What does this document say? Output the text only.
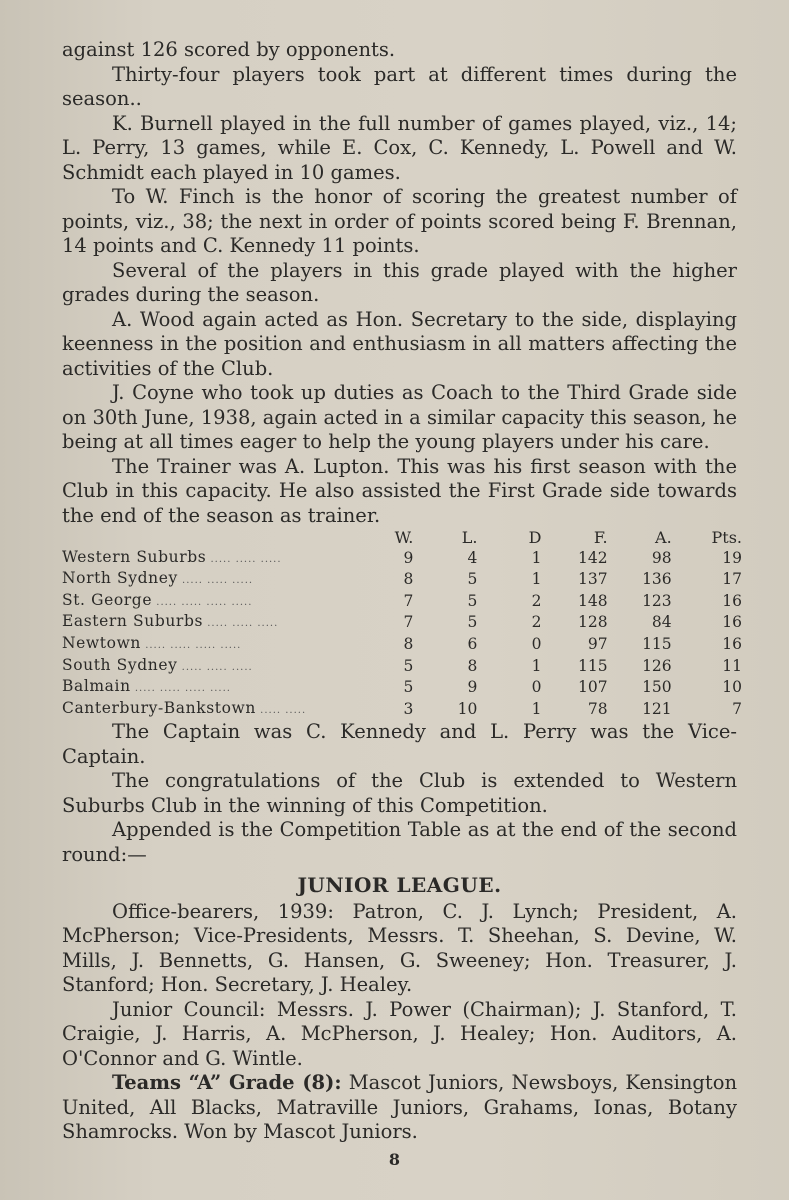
against 126 scored by opponents.

Thirty-four players took part at different times during the season..

K. Burnell played in the full number of games played, viz., 14; L. Perry, 13 games, while E. Cox, C. Kennedy, L. Powell and W. Schmidt each played in 10 games.

To W. Finch is the honor of scoring the greatest number of points, viz., 38; the next in order of points scored being F. Brennan, 14 points and C. Kennedy 11 points.

Several of the players in this grade played with the higher grades during the season.

A. Wood again acted as Hon. Secretary to the side, displaying keenness in the position and enthusiasm in all matters affecting the activities of the Club.

J. Coyne who took up duties as Coach to the Third Grade side on 30th June, 1938, again acted in a similar capacity this season, he being at all times eager to help the young players under his care.

The Trainer was A. Lupton. This was his first season with the Club in this capacity. He also assisted the First Grade side towards the end of the season as trainer.

	W.	L.	D	F.	A.	Pts.
Western Suburbs ..... ..... .....	9	4	1	142	98	19
North Sydney ..... ..... .....	8	5	1	137	136	17
St. George ..... ..... ..... .....	7	5	2	148	123	16
Eastern Suburbs ..... ..... .....	7	5	2	128	84	16
Newtown ..... ..... ..... .....	8	6	0	97	115	16
South Sydney ..... ..... .....	5	8	1	115	126	11
Balmain ..... ..... ..... .....	5	9	0	107	150	10
Canterbury-Bankstown ..... .....	3	10	1	78	121	7

The Captain was C. Kennedy and L. Perry was the Vice-Captain.

The congratulations of the Club is extended to Western Suburbs Club in the winning of this Competition.

Appended is the Competition Table as at the end of the second round:—

JUNIOR LEAGUE.

Office-bearers, 1939: Patron, C. J. Lynch; President, A. McPherson; Vice-Presidents, Messrs. T. Sheehan, S. Devine, W. Mills, J. Bennetts, G. Hansen, G. Sweeney; Hon. Treasurer, J. Stanford; Hon. Secretary, J. Healey.

Junior Council: Messrs. J. Power (Chairman); J. Stanford, T. Craigie, J. Harris, A. McPherson, J. Healey; Hon. Auditors, A. O'Connor and G. Wintle.

Teams “A” Grade (8): Mascot Juniors, Newsboys, Kensington United, All Blacks, Matraville Juniors, Grahams, Ionas, Botany Shamrocks. Won by Mascot Juniors.

8
